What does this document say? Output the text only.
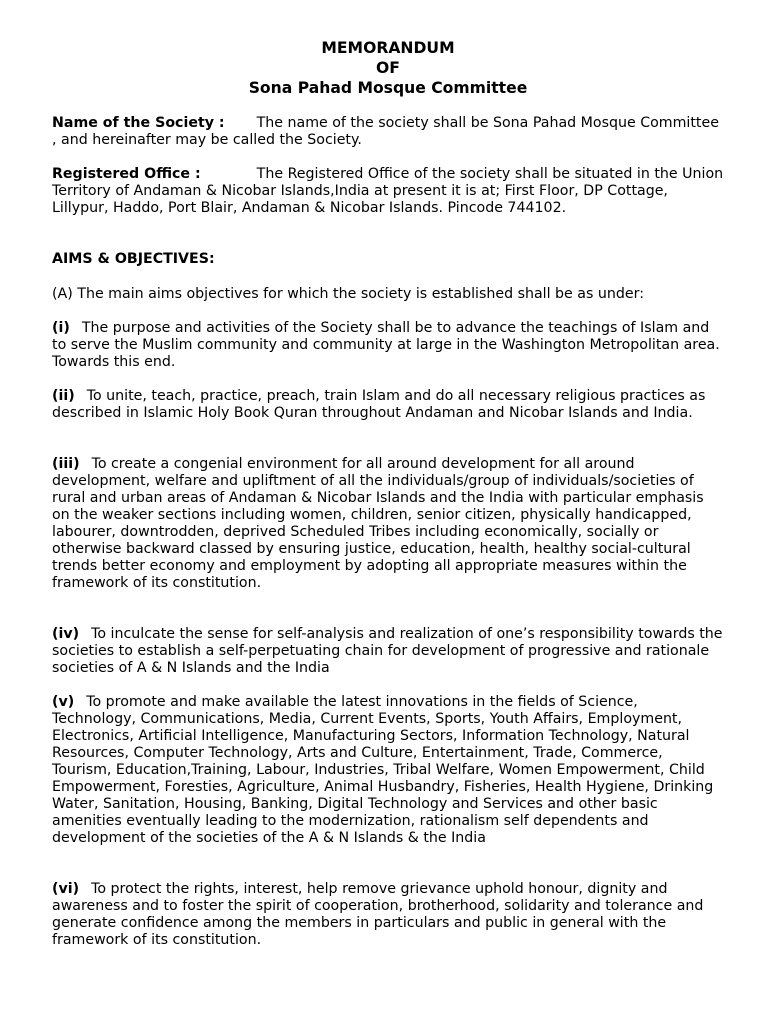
MEMORANDUM
OF
Sona Pahad Mosque Committee
Name of the Society : The name of the society shall be Sona Pahad Mosque Committee , and hereinafter may be called the Society.
Registered Office :	The Registered Office of the society shall be situated in the Union Territory of Andaman & Nicobar Islands,India at present it is at; First Floor, DP Cottage, Lillypur, Haddo, Port Blair, Andaman & Nicobar Islands. Pincode 744102.
AIMS & OBJECTIVES:
(A) The main aims objectives for which the society is established shall be as under:
(i) The purpose and activities of the Society shall be to advance the teachings of Islam and to serve the Muslim community and community at large in the Washington Metropolitan area. Towards this end.
(ii) To unite, teach, practice, preach, train Islam and do all necessary religious practices as described in Islamic Holy Book Quran throughout Andaman and Nicobar Islands and India.
(iii) To create a congenial environment for all around development for all around development, welfare and upliftment of all the individuals/group of individuals/societies of rural and urban areas of Andaman & Nicobar Islands and the India with particular emphasis on the weaker sections including women, children, senior citizen, physically handicapped, labourer, downtrodden, deprived Scheduled Tribes including economically, socially or otherwise backward classed by ensuring justice, education, health, healthy social-cultural trends better economy and employment by adopting all appropriate measures within the framework of its constitution.
(iv) To inculcate the sense for self-analysis and realization of one’s responsibility towards the societies to establish a self-perpetuating chain for development of progressive and rationale societies of A & N Islands and the India
(v) To promote and make available the latest innovations in the fields of Science, Technology, Communications, Media, Current Events, Sports, Youth Affairs, Employment, Electronics, Artificial Intelligence, Manufacturing Sectors, Information Technology, Natural Resources, Computer Technology, Arts and Culture, Entertainment, Trade, Commerce, Tourism, Education,Training, Labour, Industries, Tribal Welfare, Women Empowerment, Child Empowerment, Foresties, Agriculture, Animal Husbandry, Fisheries, Health Hygiene, Drinking Water, Sanitation, Housing, Banking, Digital Technology and Services and other basic amenities eventually leading to the modernization, rationalism self dependents and development of the societies of the A & N Islands & the India
(vi) To protect the rights, interest, help remove grievance uphold honour, dignity and awareness and to foster the spirit of cooperation, brotherhood, solidarity and tolerance and generate confidence among the members in particulars and public in general with the framework of its constitution.
